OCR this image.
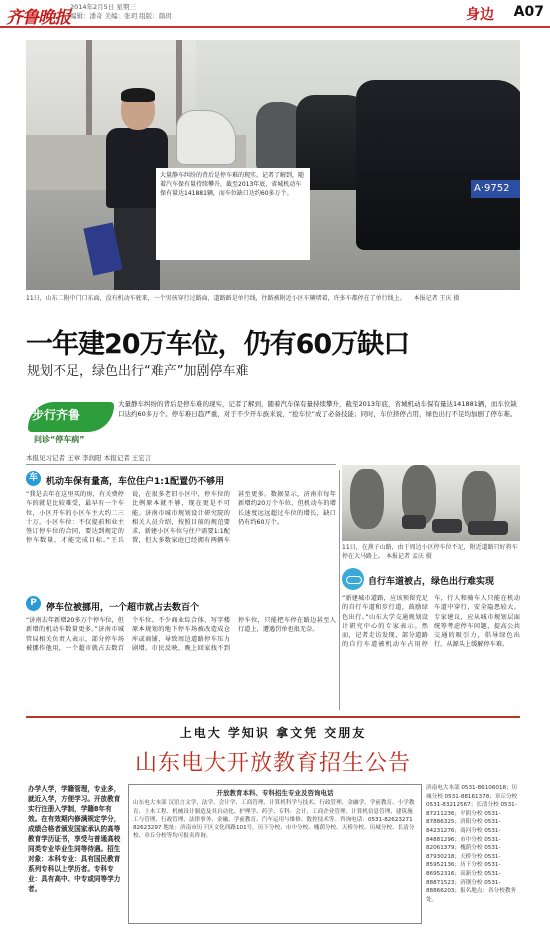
齐鲁晚报
2014年2月5日 星期三
编辑：潘奇 美编：张玥 组版：颜玥	身边 A07
A·9752
大量静车纠纷的背后是停车难的现实。记者了解到，随着汽车保有量持续攀升，截至2013年底，省城机动车保有量达141881辆，而车位缺口达约60多万个。
11日，山东二附中门口东面，没有机动车驶来，一个男孩穿行过路面，道路路是单行线，往路被附近小区车辆堵着，许多车都停在了单行线上。 本报记者 王庆 摄
一年建20万车位，仍有60万缺口
规划不足，绿色出行“难产”加剧停车难
步行齐鲁
问诊“停车病”
大量静车纠纷的背后是停车难的现实，记者了解到，随着汽车保有量持续攀升，截至2013年底，省城机动车保有量达141881辆，而车位缺口达约60多万个。停车难日趋严重，对于不少开车族来说，“抢车位”成了必备技能；同时，车位挤停占用，绿色出行不足均加剧了停车难。
本报见习记者 王章 李润阳 本报记者 王宏言
车 机动车保有量高，车位住户1:1配置仍不够用
“我是去年在这里买的房，有关费停车的就是比较难受，最早有一个车位，小区开车的小区车主大约二三十万。小区车位：不仅提前和业主签订停车位的合同，要达到规定的停车数量，才能完成目标。”王兵说，在很多老旧小区中，停车位的比例原本就不够，现在更是不可能。济南市城市规划设计研究院的相关人员介绍，按照目前的规范要求，新建小区车位与住户需要1:1配置，但大多数家庭已经拥有两辆车甚至更多。数据显示，济南市每年新增约20万个车位，但机动车的增长速度远远超过车位的增长，缺口仍有约60万个。
P	停车位被挪用，一个超市就占去数百个
“济南去年新增20多万个停车位，但新增的机动车数量更多。”济南市城管局相关负责人表示，部分停车场被挪作他用，一个超市就占去数百个车位。不少商业综合体、写字楼原本规划的地下停车场被改造成仓库或商铺，导致周边道路停车压力剧增。市民反映，晚上回家找不到停车位，只能把车停在路边甚至人行道上，遭遇罚单也很无奈。
11日，在燕子山路，由于周边小区停车位不足，附近道路只好将车停在大马路上。 本报记者 孟庆 摄
自行车道被占，绿色出行难实现
“新建城市道路，应该预留充足的自行车道和步行道，鼓励绿色出行。”山东大学交通规划设计研究中心的专家表示。然而，记者走访发现，部分道路的自行车道被机动车占用停车，行人和骑车人只能在机动车道中穿行，安全隐患较大。专家建议，应从城市规划层面统筹考虑停车问题，提高公共交通的吸引力，倡导绿色出行，从源头上缓解停车难。
上电大 学知识 拿文凭 交朋友
山东电大开放教育招生公告
办学人学，学籍管理，专业多，就近入学，方便学习。开放教育实行注册入学制，学籍8年有效。在有效期内修满规定学分，成绩合格者颁发国家承认的高等教育学历证书，享受与普通高校同类专业毕业生同等待遇。招生对象：本科专业：具有国民教育系列专科以上学历者。专科专业：具有高中、中专或同等学力者。
开放教育本科、专科招生专业及咨询电话
山东电大本部 汉语言文学、法学、会计学、工商管理、计算机科学与技术、行政管理、金融学、学前教育、小学教育、土木工程、机械设计制造及其自动化、护理学、药学；专科：会计、工商企业管理、计算机信息管理、建筑施工与管理、行政管理、法律事务、金融、学前教育、汽车运用与维修、数控技术等。咨询电话：0531-82623271 82623297 地址：济南市历下区文化西路101号。历下分校、市中分校、槐荫分校、天桥分校、历城分校、长清分校、章丘分校等均可报名咨询。
济南电大本部 0531-86106018；历城分校 0531-88161378；章丘分校 0531-83212567；长清分校 0531-87211236；平阴分校 0531-87886325；济阳分校 0531-84231276；商河分校 0531-84881296；市中分校 0531-82061379；槐荫分校 0531-87930218；天桥分校 0531-85952136；历下分校 0531-86952316；高新分校 0531-88871523；济钢分校 0531-88866203；报名地点：各分校教务处。
